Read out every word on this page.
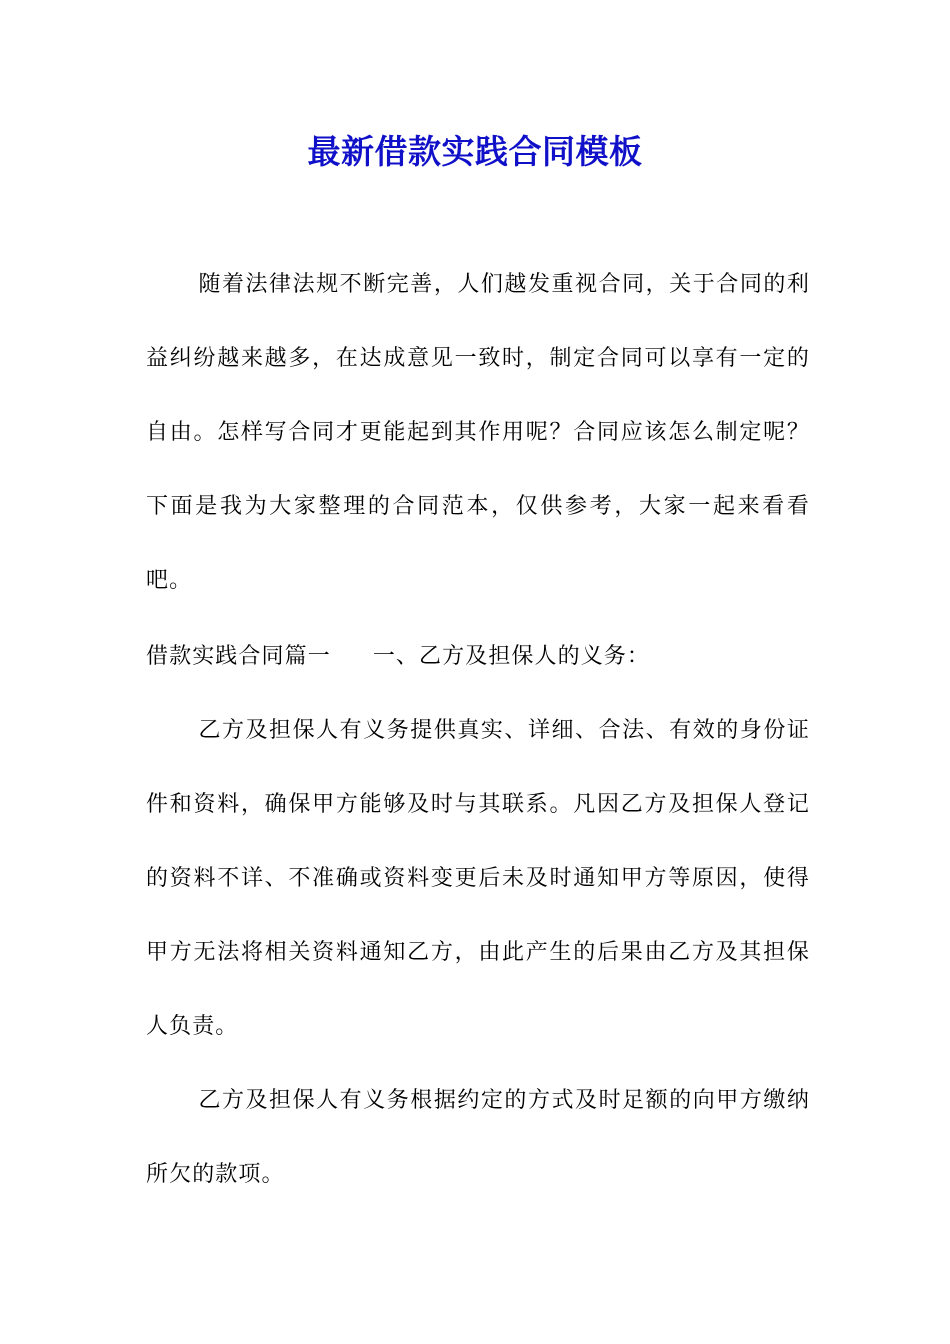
最新借款实践合同模板
随着法律法规不断完善，人们越发重视合同，关于合同的利益纠纷越来越多，在达成意见一致时，制定合同可以享有一定的自由。怎样写合同才更能起到其作用呢？合同应该怎么制定呢？下面是我为大家整理的合同范本，仅供参考，大家一起来看看吧。
借款实践合同篇一 一、乙方及担保人的义务：
乙方及担保人有义务提供真实、详细、合法、有效的身份证件和资料，确保甲方能够及时与其联系。凡因乙方及担保人登记的资料不详、不准确或资料变更后未及时通知甲方等原因，使得甲方无法将相关资料通知乙方，由此产生的后果由乙方及其担保人负责。
乙方及担保人有义务根据约定的方式及时足额的向甲方缴纳所欠的款项。
